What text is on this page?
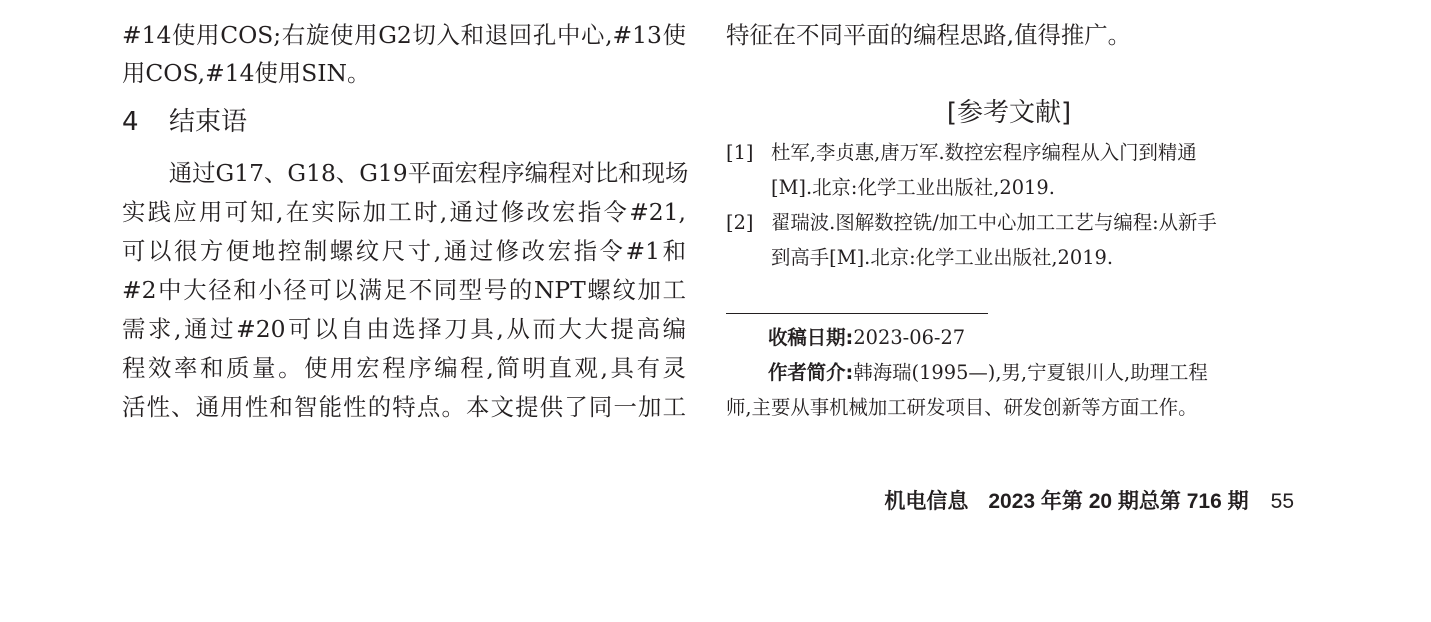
#14使用COS;右旋使用G2切入和退回孔中心,#13使
用COS,#14使用SIN。
4 结束语
　　通过G17、G18、G19平面宏程序编程对比和现场
实践应用可知,在实际加工时,通过修改宏指令#21,
可以很方便地控制螺纹尺寸,通过修改宏指令#1和
#2中大径和小径可以满足不同型号的NPT螺纹加工
需求,通过#20可以自由选择刀具,从而大大提高编
程效率和质量。使用宏程序编程,简明直观,具有灵
活性、通用性和智能性的特点。本文提供了同一加工
特征在不同平面的编程思路,值得推广。
[参考文献]
[1] 杜军,李贞惠,唐万军.数控宏程序编程从入门到精通
[M].北京:化学工业出版社,2019.
[2] 翟瑞波.图解数控铣/加工中心加工工艺与编程:从新手
到高手[M].北京:化学工业出版社,2019.
收稿日期:2023-06-27
作者简介:韩海瑞(1995—),男,宁夏银川人,助理工程
师,主要从事机械加工研发项目、研发创新等方面工作。
机电信息 2023 年第 20 期总第 716 期 55
